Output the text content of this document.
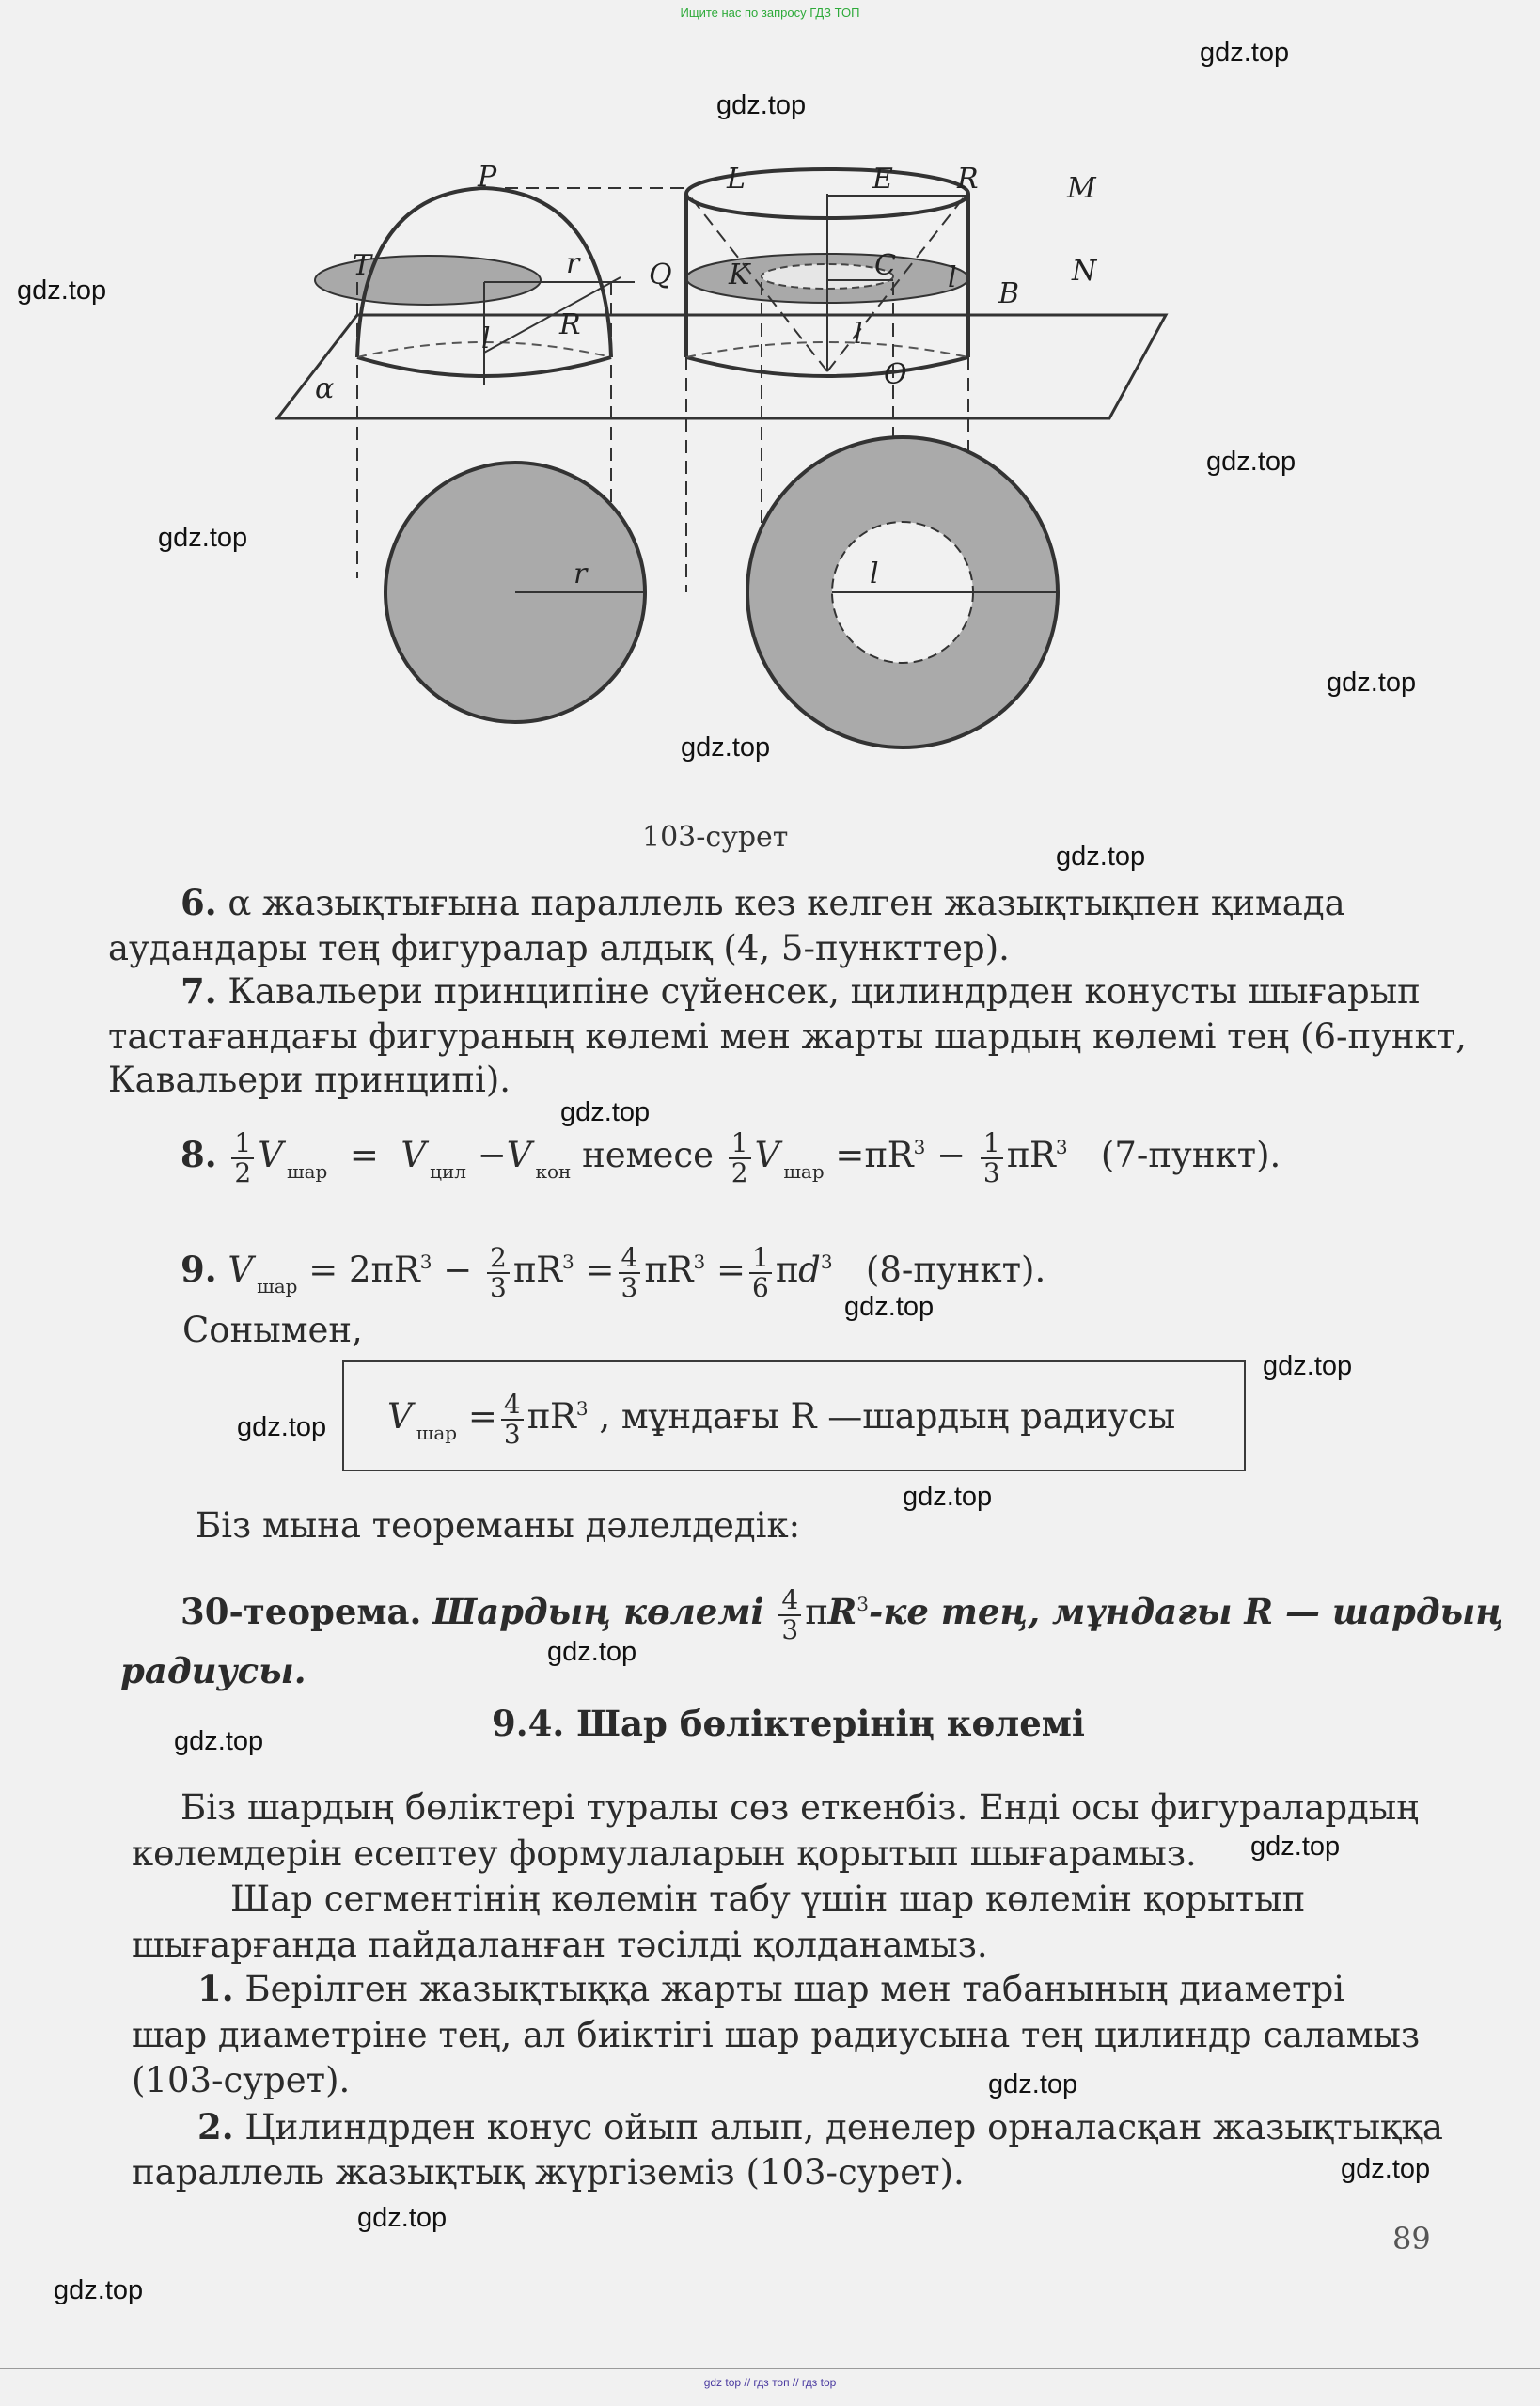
Ищите нас по запросу ГДЗ ТОП
gdz top // гдз топ // гдз top
gdz.top
gdz.top
gdz.top
gdz.top
gdz.top
gdz.top
gdz.top
gdz.top
gdz.top
gdz.top
gdz.top
gdz.top
gdz.top
gdz.top
gdz.top
gdz.top
gdz.top
gdz.top
gdz.top
gdz.top
α
P
T	Q
r
R
l
L	E R	M
K	C l B
N
l
O
r	l
103-сурет
6. α жазықтығына параллель кез келген жазықтықпен қимада
аудандары тең фигуралар алдық (4, 5-пункттер).
7. Кавальери принципіне сүйенсек, цилиндрден конусты шығарып
тастағандағы фигураның көлемі мен жарты шардың көлемі тең (6-пункт,
Кавальери принципі).
8. $\frac{1}{2}$ V $_{шар}$  =  V $_{цил}$ −V $_{кон}$ немесе $\frac{1}{2}$ V $_{шар} =\pi R^3 - \frac{1}{3} \pi R^3$ (7-пункт).
9. V $_{шар} = 2\pi R^3 - \frac{2}{3} \pi R^3 = \frac{4}{3} \pi R^3 = \frac{1}{6} \pi d^3$ (8-пункт).
Сонымен,
V $_{шар} = \frac{4}{3} \pi R^3$ , мұндағы R —шардың радиусы
Біз мына теореманы дәлелдедік:
30-теорема. Шардың көлемі $\frac{4}{3} \pi R^3-ке$ тең, мұндағы R — шардың
радиусы.
9.4. Шар бөліктерінің көлемі
Біз шардың бөліктері туралы сөз еткенбіз. Енді осы фигуралардың
көлемдерін есептеу формулаларын қорытып шығарамыз.
Шар сегментінің көлемін табу үшін шар көлемін қорытып
шығарғанда пайдаланған тәсілді қолданамыз.
1. Берілген жазықтыққа жарты шар мен табанының диаметрі
шар диаметріне тең, ал биіктігі шар радиусына тең цилиндр саламыз
(103-сурет).
2. Цилиндрден конус ойып алып, денелер орналасқан жазықтыққа
параллель жазықтық жүргіземіз (103-сурет).
89
